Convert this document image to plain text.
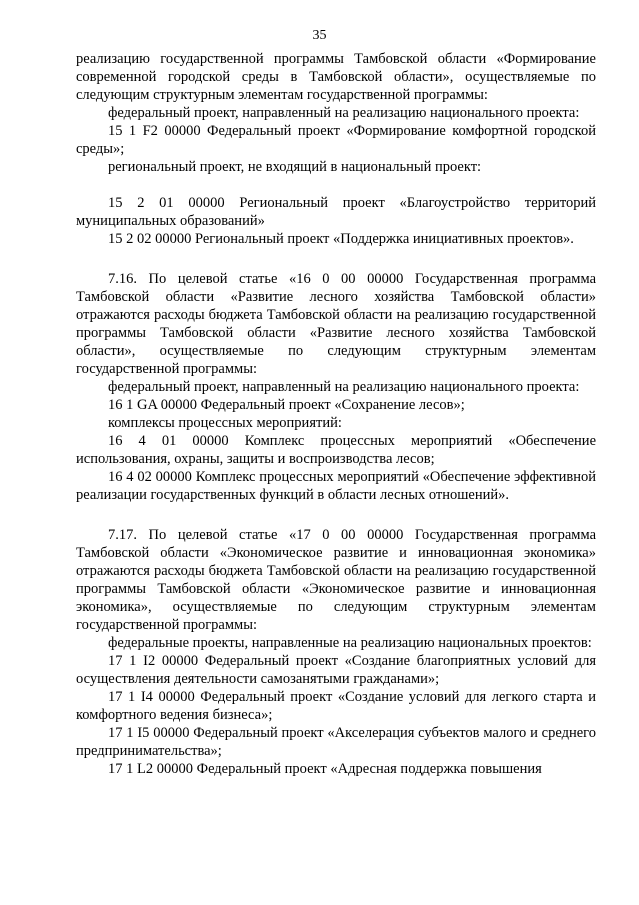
35

реализацию государственной программы Тамбовской области «Формирование современной городской среды в Тамбовской области», осуществляемые по следующим структурным элементам государственной программы:

федеральный проект, направленный на реализацию национального проекта:

15 1 F2 00000 Федеральный проект «Формирование комфортной городской среды»;

региональный проект, не входящий в национальный проект:

15 2 01 00000 Региональный проект «Благоустройство территорий муниципальных образований»

15 2 02 00000 Региональный проект «Поддержка инициативных проектов».

7.16. По целевой статье «16 0 00 00000 Государственная программа Тамбовской области «Развитие лесного хозяйства Тамбовской области» отражаются расходы бюджета Тамбовской области на реализацию государственной программы Тамбовской области «Развитие лесного хозяйства Тамбовской области», осуществляемые по следующим структурным элементам государственной программы:

федеральный проект, направленный на реализацию национального проекта:

16 1 GA 00000 Федеральный проект «Сохранение лесов»;

комплексы процессных мероприятий:

16 4 01 00000 Комплекс процессных мероприятий «Обеспечение использования, охраны, защиты и воспроизводства лесов;

16 4 02 00000 Комплекс процессных мероприятий «Обеспечение эффективной реализации государственных функций в области лесных отношений».

7.17. По целевой статье «17 0 00 00000 Государственная программа Тамбовской области «Экономическое развитие и инновационная экономика» отражаются расходы бюджета Тамбовской области на реализацию государственной программы Тамбовской области «Экономическое развитие и инновационная экономика», осуществляемые по следующим структурным элементам государственной программы:

федеральные проекты, направленные на реализацию национальных проектов:

17 1 I2 00000 Федеральный проект «Создание благоприятных условий для осуществления деятельности самозанятыми гражданами»;

17 1 I4 00000 Федеральный проект «Создание условий для легкого старта и комфортного ведения бизнеса»;

17 1 I5 00000 Федеральный проект «Акселерация субъектов малого и среднего предпринимательства»;

17 1 L2 00000 Федеральный проект «Адресная поддержка повышения
